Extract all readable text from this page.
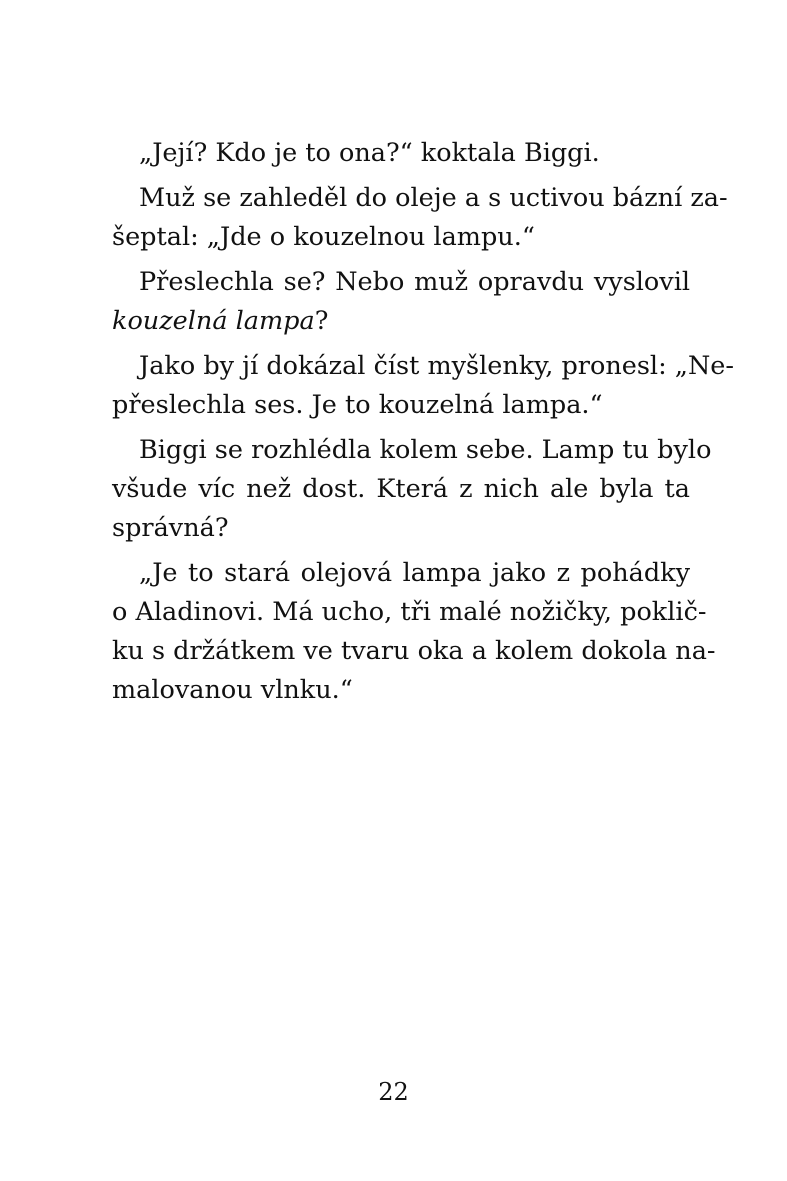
„Její? Kdo je to ona?“ koktala Biggi.
Muž se zahleděl do oleje a s uctivou bázní za-
šeptal: „Jde o kouzelnou lampu.“
Přeslechla se? Nebo muž opravdu vyslovil
kouzelná lampa?
Jako by jí dokázal číst myšlenky, pronesl: „Ne-
přeslechla ses. Je to kouzelná lampa.“
Biggi se rozhlédla kolem sebe. Lamp tu bylo
všude víc než dost. Která z nich ale byla ta
správná?
„Je to stará olejová lampa jako z pohádky
o Aladinovi. Má ucho, tři malé nožičky, poklič-
ku s držátkem ve tvaru oka a kolem dokola na-
malovanou vlnku.“
22
